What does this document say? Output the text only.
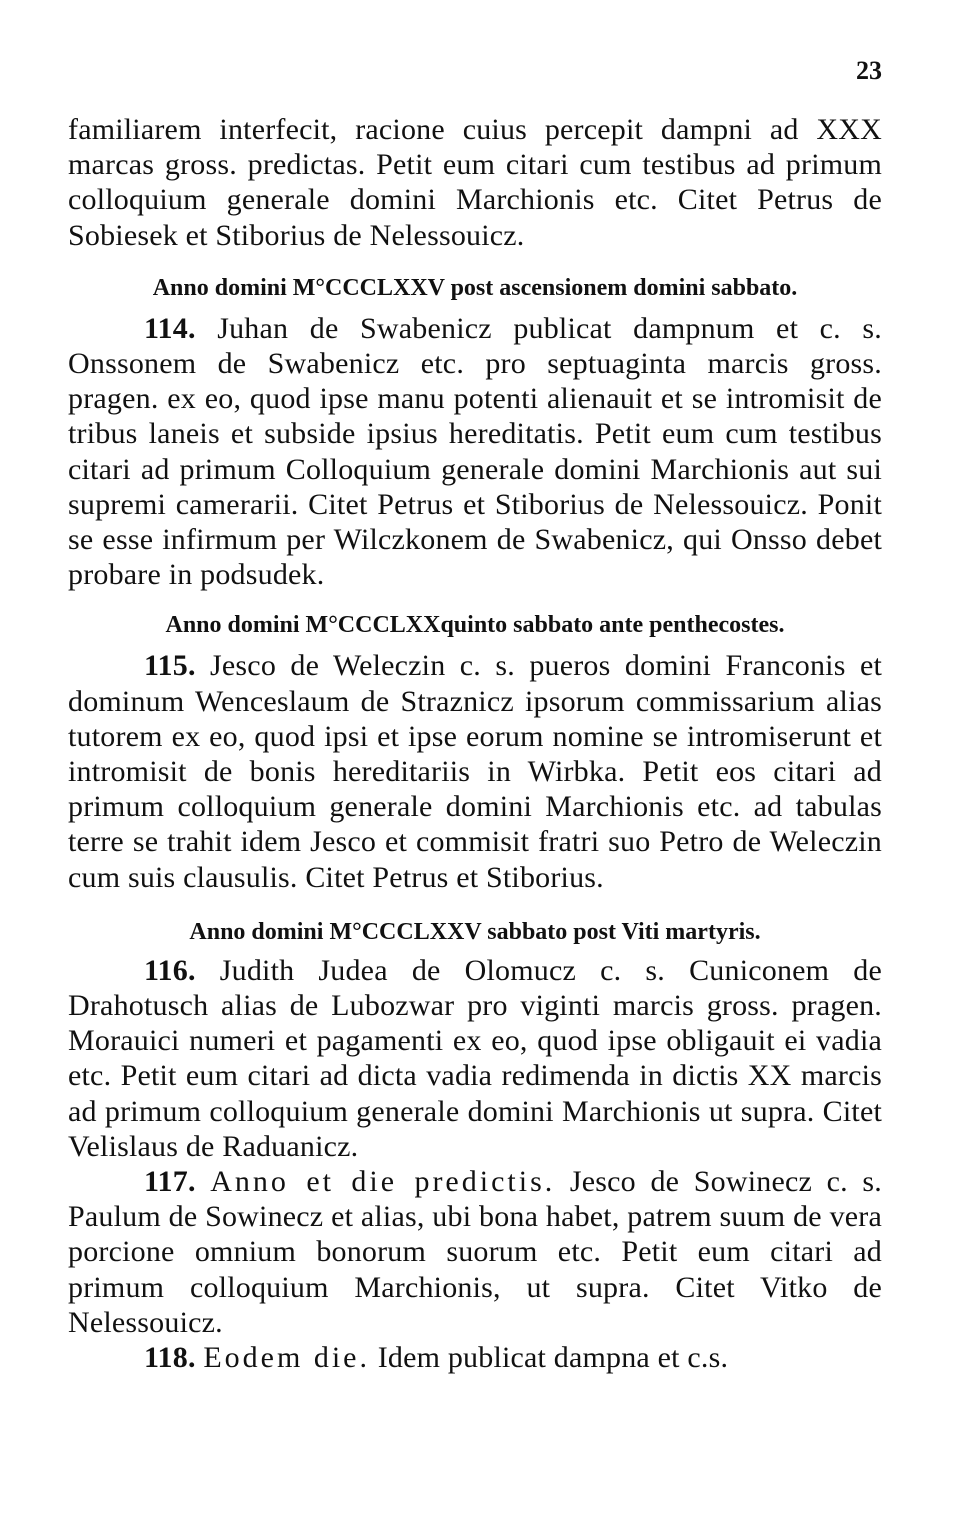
23

familiarem interfecit, racione cuius percepit dampni ad XXX marcas gross. predictas. Petit eum citari cum testibus ad primum colloquium generale domini Marchionis etc. Citet Petrus de Sobiesek et Stiborius de Nelessouicz.

Anno domini M°CCCLXXV post ascensionem domini sabbato.

114. Juhan de Swabenicz publicat dampnum et c. s. Onssonem de Swabenicz etc. pro septuaginta marcis gross. pragen. ex eo, quod ipse manu potenti alienauit et se intromisit de tribus laneis et subside ipsius hereditatis. Petit eum cum testibus citari ad primum Colloquium generale domini Marchionis aut sui supremi camerarii. Citet Petrus et Stiborius de Nelessouicz. Ponit se esse infirmum per Wilczkonem de Swabenicz, qui Onsso debet probare in podsudek.

Anno domini M°CCCLXXquinto sabbato ante penthecostes.

115. Jesco de Weleczin c. s. pueros domini Franconis et dominum Wenceslaum de Straznicz ipsorum commissarium alias tutorem ex eo, quod ipsi et ipse eorum nomine se intromiserunt et intromisit de bonis hereditariis in Wirbka. Petit eos citari ad primum colloquium generale domini Marchionis etc. ad tabulas terre se trahit idem Jesco et commisit fratri suo Petro de Weleczin cum suis clausulis. Citet Petrus et Stiborius.

Anno domini M°CCCLXXV sabbato post Viti martyris.

116. Judith Judea de Olomucz c. s. Cuniconem de Drahotusch alias de Lubozwar pro viginti marcis gross. pragen. Morauici numeri et pagamenti ex eo, quod ipse obligauit ei vadia etc. Petit eum citari ad dicta vadia redimenda in dictis XX marcis ad primum colloquium generale domini Marchionis ut supra. Citet Velislaus de Raduanicz.

117. Anno et die predictis. Jesco de Sowinecz c. s. Paulum de Sowinecz et alias, ubi bona habet, patrem suum de vera porcione omnium bonorum suorum etc. Petit eum citari ad primum colloquium Marchionis, ut supra. Citet Vitko de Nelessouicz.

118. Eodem die. Idem publicat dampna et c.s.
